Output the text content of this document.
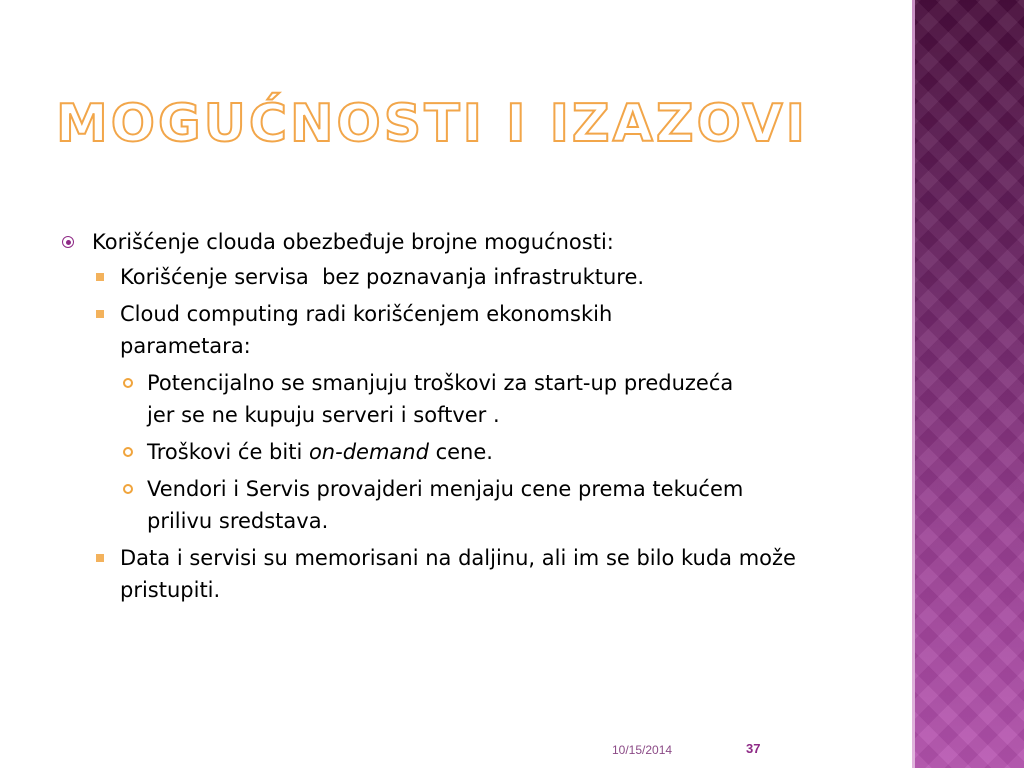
MOGUĆNOSTI I IZAZOVI
Korišćenje clouda obezbeđuje brojne mogućnosti:
Korišćenje servisa  bez poznavanja infrastrukture.
Cloud computing radi korišćenjem ekonomskih parametara:
Potencijalno se smanjuju troškovi za start-up preduzeća jer se ne kupuju serveri i softver .
Troškovi će biti on-demand cene.
Vendori i Servis provajderi menjaju cene prema tekućem prilivu sredstava.
Data i servisi su memorisani na daljinu, ali im se bilo kuda može pristupiti.
10/15/2014	37
